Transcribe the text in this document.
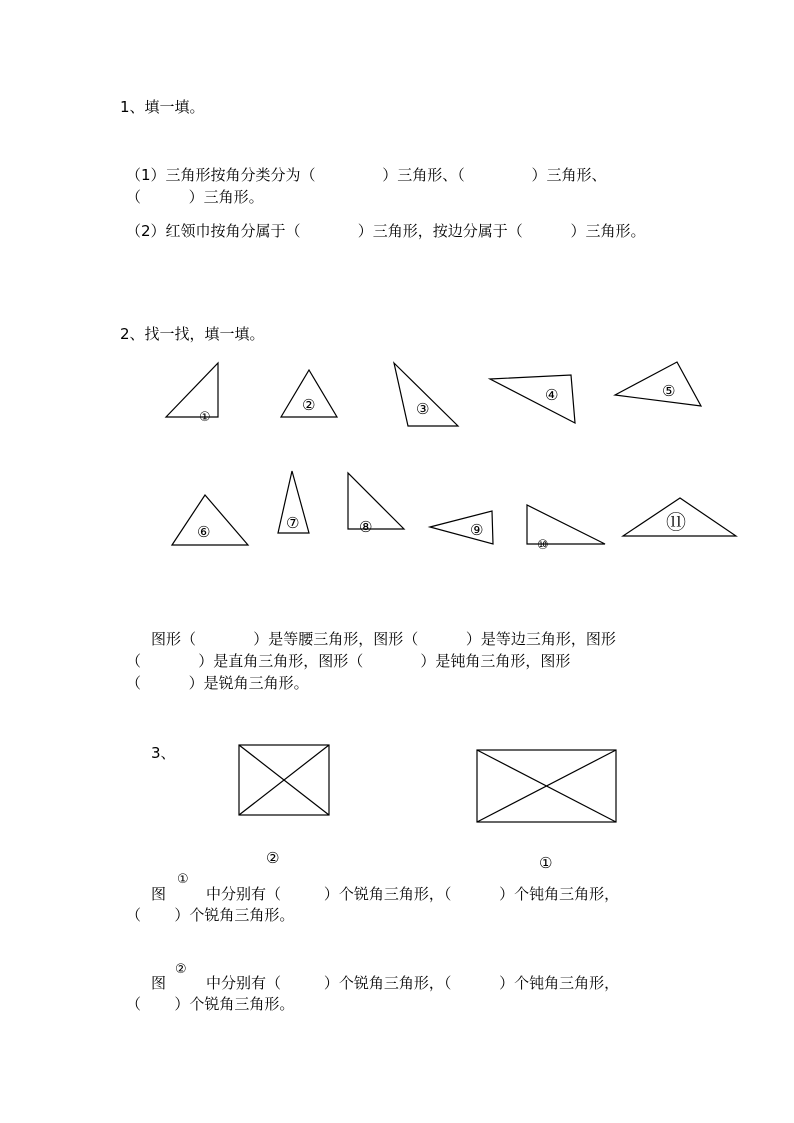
1、填一填。
（1）三角形按角分类分为（              ）三角形、（              ）三角形、
（          ）三角形。
（2）红领巾按角分属于（            ）三角形，按边分属于（          ）三角形。
2、找一找，填一填。
①
②	③
④	⑤
⑥	⑦	⑧	⑨
⑩
⑪
图形（            ）是等腰三角形，图形（          ）是等边三角形，图形
（            ）是直角三角形，图形（            ）是钝角三角形，图形
（          ）是锐角三角形。
3、
②	①
图
①
中分别有（         ）个锐角三角形，（          ）个钝角三角形，
（       ）个锐角三角形。
图
②
中分别有（         ）个锐角三角形，（          ）个钝角三角形，
（       ）个锐角三角形。
